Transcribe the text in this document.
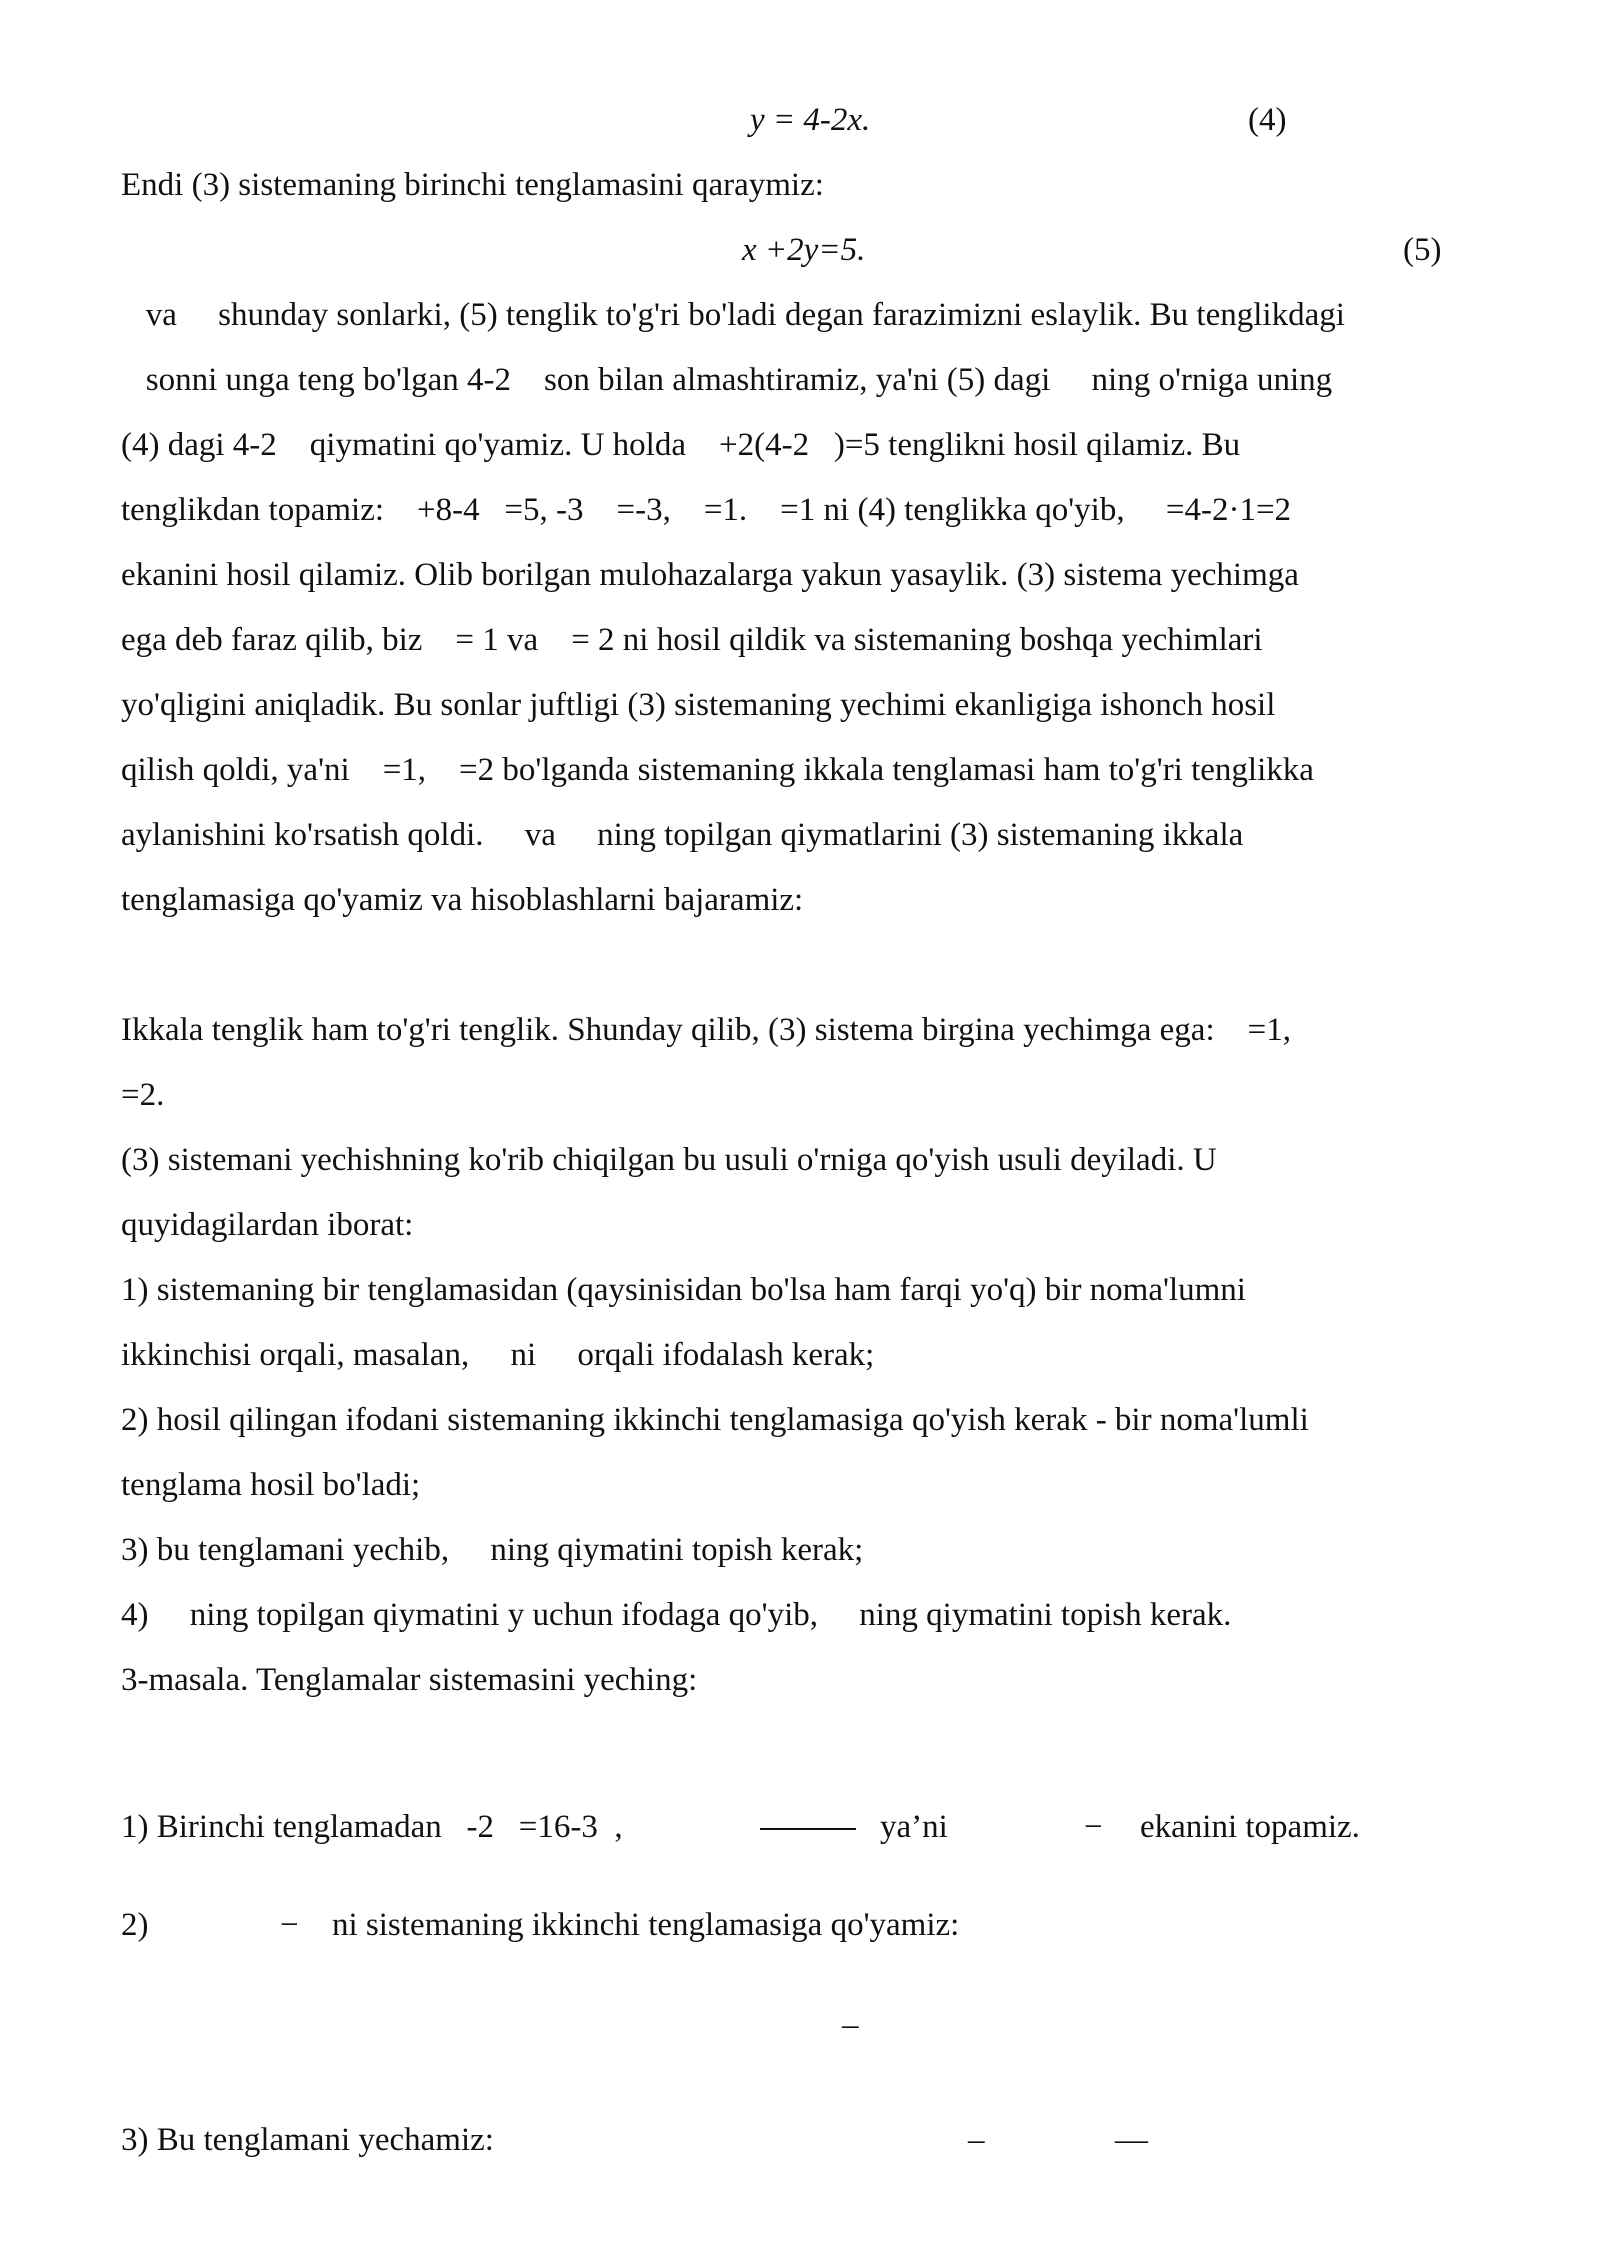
y = 4-2x.	(4)
Endi (3) sistemaning birinchi tenglamasini qaraymiz:
x +2y=5.	(5)
va     shunday sonlarki, (5) tenglik to'g'ri bo'ladi degan farazimizni eslaylik. Bu tenglikdagi
sonni unga teng bo'lgan 4-2    son bilan almashtiramiz, ya'ni (5) dagi     ning o'rniga uning
(4) dagi 4-2    qiymatini qo'yamiz. U holda    +2(4-2   )=5 tenglikni hosil qilamiz. Bu
tenglikdan topamiz:    +8-4   =5, -3    =-3,    =1.    =1 ni (4) tenglikka qo'yib,     =4-2·1=2
ekanini hosil qilamiz. Olib borilgan mulohazalarga yakun yasaylik. (3) sistema yechimga
ega deb faraz qilib, biz    = 1 va    = 2 ni hosil qildik va sistemaning boshqa yechimlari
yo'qligini aniqladik. Bu sonlar juftligi (3) sistemaning yechimi ekanligiga ishonch hosil
qilish qoldi, ya'ni    =1,    =2 bo'lganda sistemaning ikkala tenglamasi ham to'g'ri tenglikka
aylanishini ko'rsatish qoldi.     va     ning topilgan qiymatlarini (3) sistemaning ikkala
tenglamasiga qo'yamiz va hisoblashlarni bajaramiz:
Ikkala tenglik ham to'g'ri tenglik. Shunday qilib, (3) sistema birgina yechimga ega:    =1,
=2.
(3) sistemani yechishning ko'rib chiqilgan bu usuli o'rniga qo'yish usuli deyiladi. U
quyidagilardan iborat:
1) sistemaning bir tenglamasidan (qaysinisidan bo'lsa ham farqi yo'q) bir noma'lumni
ikkinchisi orqali, masalan,     ni     orqali ifodalash kerak;
2) hosil qilingan ifodani sistemaning ikkinchi tenglamasiga qo'yish kerak - bir noma'lumli
tenglama hosil bo'ladi;
3) bu tenglamani yechib,     ning qiymatini topish kerak;
4)     ning topilgan qiymatini y uchun ifodaga qo'yib,     ning qiymatini topish kerak.
3-masala. Tenglamalar sistemasini yeching:
1) Birinchi tenglamadan   -2   =16-3  ,	ya’ni	− ekanini topamiz.
2)	− ni sistemaning ikkinchi tenglamasiga qo'yamiz:
–
3) Bu tenglamani yechamiz:	–	—
